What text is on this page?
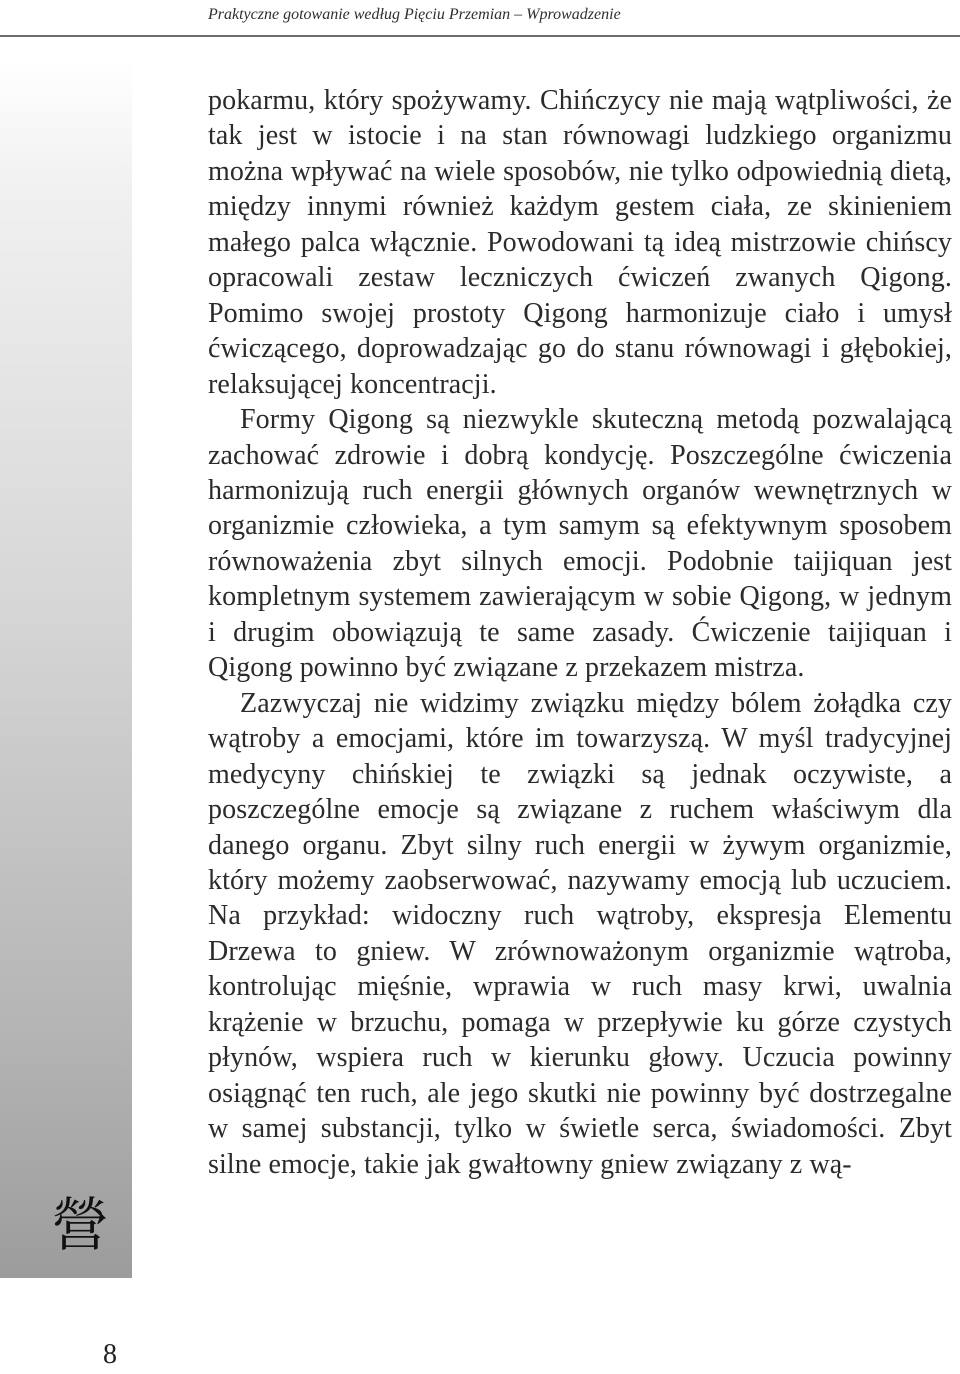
Praktyczne gotowanie według Pięciu Przemian – Wprowadzenie
營

pokarmu, który spożywamy. Chińczycy nie mają wątpliwości, że tak jest w istocie i na stan równowagi ludzkiego organizmu można wpływać na wiele sposobów, nie tylko odpowiednią dietą, między innymi również każdym gestem ciała, ze skinieniem małego palca włącznie. Powodowani tą ideą mistrzowie chińscy opracowali zestaw leczniczych ćwiczeń zwanych Qigong. Pomimo swojej prostoty Qigong harmonizuje ciało i umysł ćwiczącego, doprowadzając go do stanu równowagi i głębokiej, relaksującej koncentracji.

Formy Qigong są niezwykle skuteczną metodą pozwalającą zachować zdrowie i dobrą kondycję. Poszczególne ćwiczenia harmonizują ruch energii głównych organów wewnętrznych w organizmie człowieka, a tym samym są efektywnym sposobem równoważenia zbyt silnych emocji. Podobnie taijiquan jest kompletnym systemem zawierającym w sobie Qigong, w jednym i drugim obowiązują te same zasady. Ćwiczenie taijiquan i Qigong powinno być związane z przekazem mistrza.

Zazwyczaj nie widzimy związku między bólem żołądka czy wątroby a emocjami, które im towarzyszą. W myśl tradycyjnej medycyny chińskiej te związki są jednak oczywiste, a poszczególne emocje są związane z ruchem właściwym dla danego organu. Zbyt silny ruch energii w żywym organizmie, który możemy zaobserwować, nazywamy emocją lub uczuciem. Na przykład: widoczny ruch wątroby, ekspresja Elementu Drzewa to gniew. W zrównoważonym organizmie wątroba, kontrolując mięśnie, wprawia w ruch masy krwi, uwalnia krążenie w brzuchu, pomaga w przepływie ku górze czystych płynów, wspiera ruch w kierunku głowy. Uczucia powinny osiągnąć ten ruch, ale jego skutki nie powinny być dostrzegalne w samej substancji, tylko w świetle serca, świadomości. Zbyt silne emocje, takie jak gwałtowny gniew związany z wą-

8
